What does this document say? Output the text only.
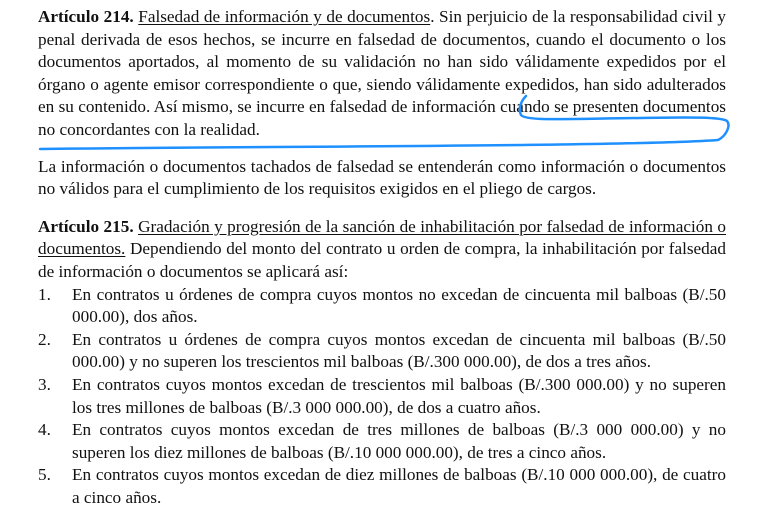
Artículo 214. Falsedad de información y de documentos. Sin perjuicio de la responsabilidad civil y penal derivada de esos hechos, se incurre en falsedad de documentos, cuando el documento o los documentos aportados, al momento de su validación no han sido válidamente expedidos por el órgano o agente emisor correspondiente o que, siendo válidamente expedidos, han sido adulterados en su contenido. Así mismo, se incurre en falsedad de información cuando se presenten documentos no concordantes con la realidad.

La información o documentos tachados de falsedad se entenderán como información o documentos no válidos para el cumplimiento de los requisitos exigidos en el pliego de cargos.

Artículo 215. Gradación y progresión de la sanción de inhabilitación por falsedad de información o documentos. Dependiendo del monto del contrato u orden de compra, la inhabilitación por falsedad de información o documentos se aplicará así:

1. En contratos u órdenes de compra cuyos montos no excedan de cincuenta mil balboas (B/.50 000.00), dos años.
2. En contratos u órdenes de compra cuyos montos excedan de cincuenta mil balboas (B/.50 000.00) y no superen los trescientos mil balboas (B/.300 000.00), de dos a tres años.
3. En contratos cuyos montos excedan de trescientos mil balboas (B/.300 000.00) y no superen los tres millones de balboas (B/.3 000 000.00), de dos a cuatro años.
4. En contratos cuyos montos excedan de tres millones de balboas (B/.3 000 000.00) y no superen los diez millones de balboas (B/.10 000 000.00), de tres a cinco años.
5. En contratos cuyos montos excedan de diez millones de balboas (B/.10 000 000.00), de cuatro a cinco años.
